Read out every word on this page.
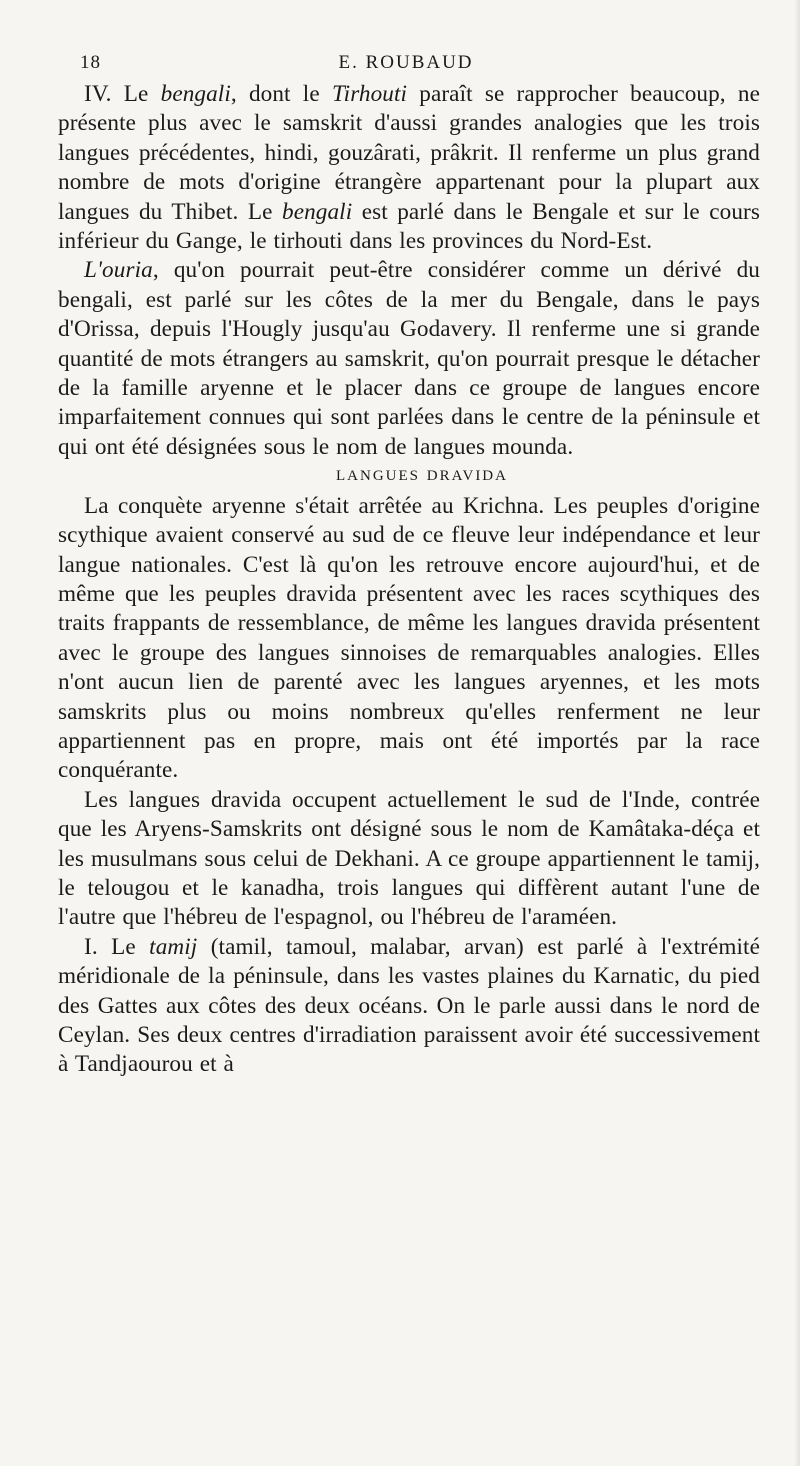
18	E. ROUBAUD

IV. Le bengali, dont le Tirhouti paraît se rapprocher beaucoup, ne présente plus avec le samskrit d'aussi grandes analogies que les trois langues précédentes, hindi, gouzârati, prâkrit. Il renferme un plus grand nombre de mots d'origine étrangère appartenant pour la plupart aux langues du Thibet. Le bengali est parlé dans le Bengale et sur le cours inférieur du Gange, le tirhouti dans les provinces du Nord-Est.

L'ouria, qu'on pourrait peut-être considérer comme un dérivé du bengali, est parlé sur les côtes de la mer du Bengale, dans le pays d'Orissa, depuis l'Hougly jusqu'au Godavery. Il renferme une si grande quantité de mots étrangers au samskrit, qu'on pourrait presque le détacher de la famille aryenne et le placer dans ce groupe de langues encore imparfaitement connues qui sont parlées dans le centre de la péninsule et qui ont été désignées sous le nom de langues mounda.

LANGUES DRAVIDA

La conquète aryenne s'était arrêtée au Krichna. Les peuples d'origine scythique avaient conservé au sud de ce fleuve leur indépendance et leur langue nationales. C'est là qu'on les retrouve encore aujourd'hui, et de même que les peuples dravida présentent avec les races scythiques des traits frappants de ressemblance, de même les langues dravida présentent avec le groupe des langues sinnoises de remarquables analogies. Elles n'ont aucun lien de parenté avec les langues aryennes, et les mots samskrits plus ou moins nombreux qu'elles renferment ne leur appartiennent pas en propre, mais ont été importés par la race conquérante.

Les langues dravida occupent actuellement le sud de l'Inde, contrée que les Aryens-Samskrits ont désigné sous le nom de Kamâtaka-déça et les musulmans sous celui de Dekhani. A ce groupe appartiennent le tamij, le telougou et le kanadha, trois langues qui diffèrent autant l'une de l'autre que l'hébreu de l'espagnol, ou l'hébreu de l'araméen.

I. Le tamij (tamil, tamoul, malabar, arvan) est parlé à l'extrémité méridionale de la péninsule, dans les vastes plaines du Karnatic, du pied des Gattes aux côtes des deux océans. On le parle aussi dans le nord de Ceylan. Ses deux centres d'irradiation paraissent avoir été successivement à Tandjaourou et à
